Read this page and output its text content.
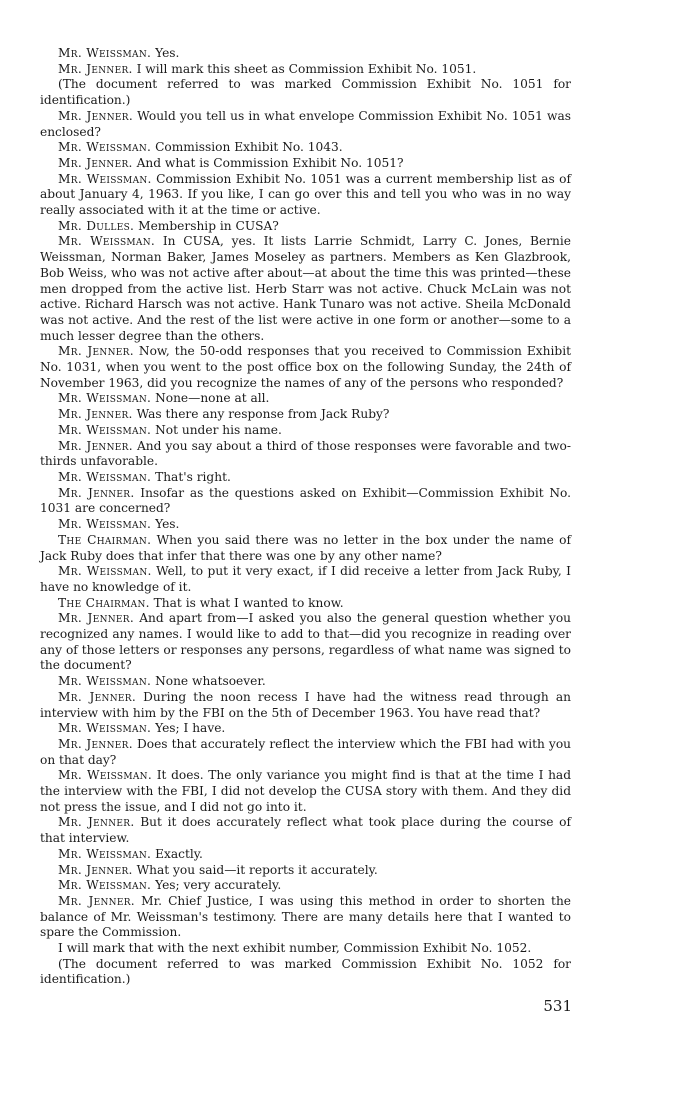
Mr. Weissman. Yes.

Mr. Jenner. I will mark this sheet as Commission Exhibit No. 1051.

(The document referred to was marked Commission Exhibit No. 1051 for identification.)

Mr. Jenner. Would you tell us in what envelope Commission Exhibit No. 1051 was enclosed?

Mr. Weissman. Commission Exhibit No. 1043.

Mr. Jenner. And what is Commission Exhibit No. 1051?

Mr. Weissman. Commission Exhibit No. 1051 was a current membership list as of about January 4, 1963. If you like, I can go over this and tell you who was in no way really associated with it at the time or active.

Mr. Dulles. Membership in CUSA?

Mr. Weissman. In CUSA, yes. It lists Larrie Schmidt, Larry C. Jones, Bernie Weissman, Norman Baker, James Moseley as partners. Members as Ken Glazbrook, Bob Weiss, who was not active after about—at about the time this was printed—these men dropped from the active list. Herb Starr was not active. Chuck McLain was not active. Richard Harsch was not active. Hank Tunaro was not active. Sheila McDonald was not active. And the rest of the list were active in one form or another—some to a much lesser degree than the others.

Mr. Jenner. Now, the 50-odd responses that you received to Commission Exhibit No. 1031, when you went to the post office box on the following Sunday, the 24th of November 1963, did you recognize the names of any of the persons who responded?

Mr. Weissman. None—none at all.

Mr. Jenner. Was there any response from Jack Ruby?

Mr. Weissman. Not under his name.

Mr. Jenner. And you say about a third of those responses were favorable and two-thirds unfavorable.

Mr. Weissman. That's right.

Mr. Jenner. Insofar as the questions asked on Exhibit—Commission Exhibit No. 1031 are concerned?

Mr. Weissman. Yes.

The Chairman. When you said there was no letter in the box under the name of Jack Ruby does that infer that there was one by any other name?

Mr. Weissman. Well, to put it very exact, if I did receive a letter from Jack Ruby, I have no knowledge of it.

The Chairman. That is what I wanted to know.

Mr. Jenner. And apart from—I asked you also the general question whether you recognized any names. I would like to add to that—did you recognize in reading over any of those letters or responses any persons, regardless of what name was signed to the document?

Mr. Weissman. None whatsoever.

Mr. Jenner. During the noon recess I have had the witness read through an interview with him by the FBI on the 5th of December 1963. You have read that?

Mr. Weissman. Yes; I have.

Mr. Jenner. Does that accurately reflect the interview which the FBI had with you on that day?

Mr. Weissman. It does. The only variance you might find is that at the time I had the interview with the FBI, I did not develop the CUSA story with them. And they did not press the issue, and I did not go into it.

Mr. Jenner. But it does accurately reflect what took place during the course of that interview.

Mr. Weissman. Exactly.

Mr. Jenner. What you said—it reports it accurately.

Mr. Weissman. Yes; very accurately.

Mr. Jenner. Mr. Chief Justice, I was using this method in order to shorten the balance of Mr. Weissman's testimony. There are many details here that I wanted to spare the Commission.

I will mark that with the next exhibit number, Commission Exhibit No. 1052.

(The document referred to was marked Commission Exhibit No. 1052 for identification.)

531
